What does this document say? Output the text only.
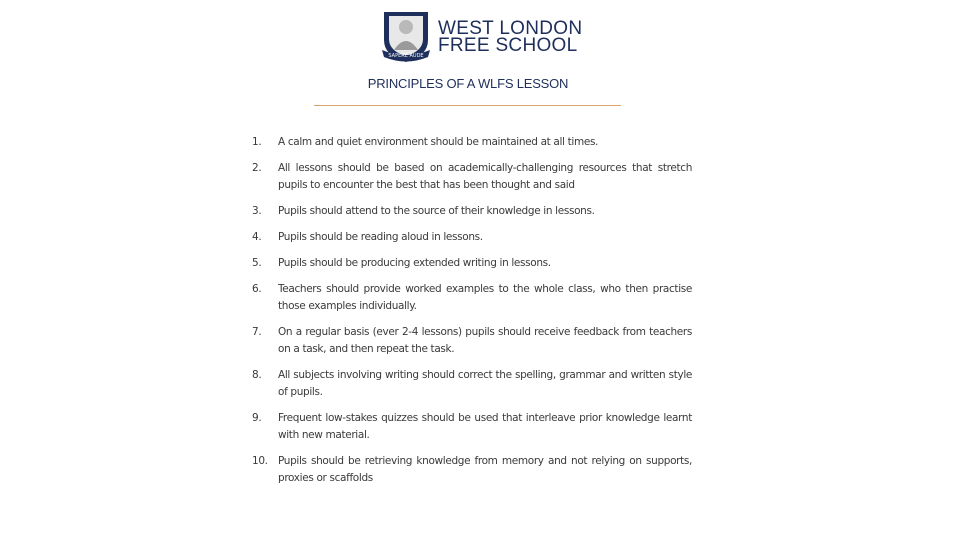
SAPERE AUDE
WEST LONDON
FREE SCHOOL
PRINCIPLES OF A WLFS LESSON
1.	A calm and quiet environment should be maintained at all times.
2.	All lessons should be based on academically-challenging resources that stretch pupils to encounter the best that has been thought and said
3.	Pupils should attend to the source of their knowledge in lessons.
4.	Pupils should be reading aloud in lessons.
5.	Pupils should be producing extended writing in lessons.
6.	Teachers should provide worked examples to the whole class, who then practise those examples individually.
7.	On a regular basis (ever 2-4 lessons) pupils should receive feedback from teachers on a task, and then repeat the task.
8.	All subjects involving writing should correct the spelling, grammar and written style of pupils.
9.	Frequent low-stakes quizzes should be used that interleave prior knowledge learnt with new material.
10. Pupils should be retrieving knowledge from memory and not relying on supports, proxies or scaffolds
